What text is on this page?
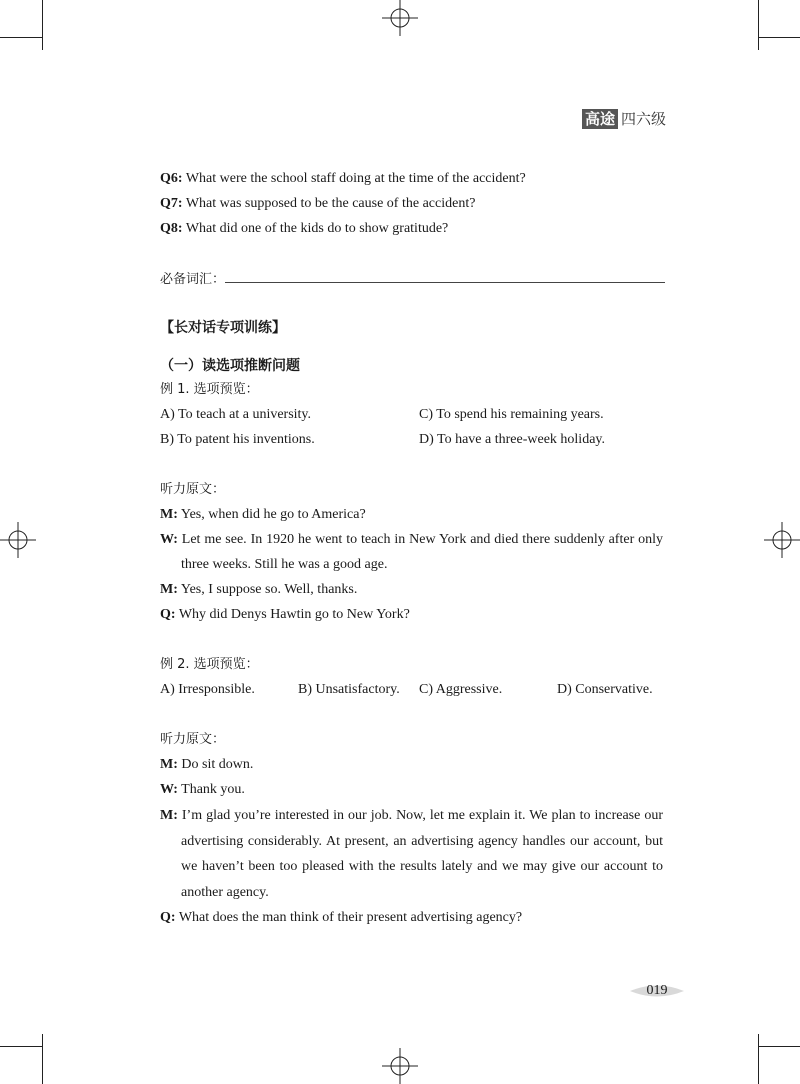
高途 四六级
Q6: What were the school staff doing at the time of the accident?
Q7: What was supposed to be the cause of the accident?
Q8: What did one of the kids do to show gratitude?
必备词汇：
【长对话专项训练】
（一）读选项推断问题
例 1. 选项预览：
A) To teach at a university.	C) To spend his remaining years.
B) To patent his inventions.	D) To have a three-week holiday.
听力原文：
M: Yes, when did he go to America?
W: Let me see. In 1920 he went to teach in New York and died there suddenly after only
three weeks. Still he was a good age.
M: Yes, I suppose so. Well, thanks.
Q: Why did Denys Hawtin go to New York?
例 2. 选项预览：
A) Irresponsible.	B) Unsatisfactory. C) Aggressive.	D) Conservative.
听力原文：
M: Do sit down.
W: Thank you.
M: I’m glad you’re interested in our job. Now, let me explain it. We plan to increase our
advertising considerably. At present, an advertising agency handles our account, but
we haven’t been too pleased with the results lately and we may give our account to
another agency.
Q: What does the man think of their present advertising agency?
019
